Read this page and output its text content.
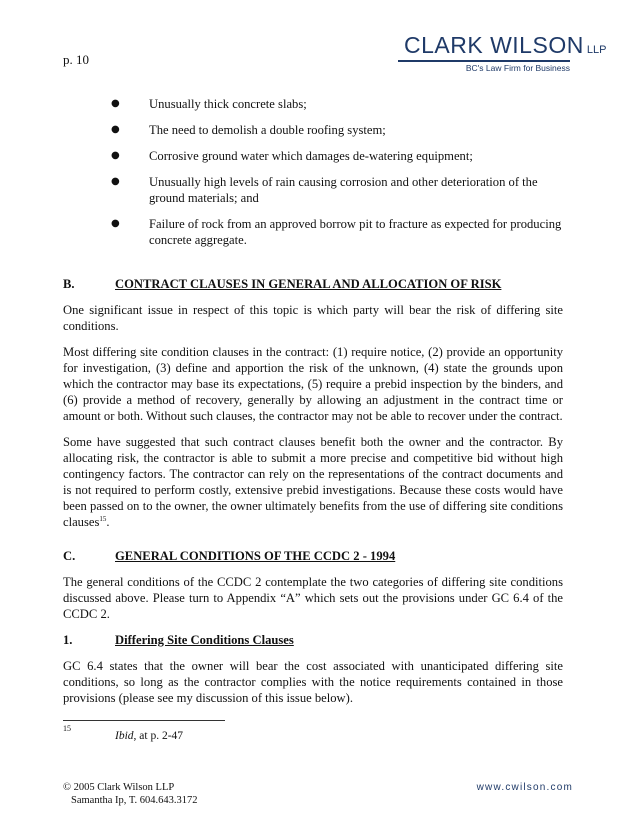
p. 10
CLARK WILSON LLP
BC's Law Firm for Business
● Unusually thick concrete slabs;
● The need to demolish a double roofing system;
● Corrosive ground water which damages de-watering equipment;
● Unusually high levels of rain causing corrosion and other deterioration of the ground materials; and
● Failure of rock from an approved borrow pit to fracture as expected for producing concrete aggregate.
B.	CONTRACT CLAUSES IN GENERAL AND ALLOCATION OF RISK

One significant issue in respect of this topic is which party will bear the risk of differing site conditions.

Most differing site condition clauses in the contract: (1) require notice, (2) provide an opportunity for investigation, (3) define and apportion the risk of the unknown, (4) state the grounds upon which the contractor may base its expectations, (5) require a prebid inspection by the binders, and (6) provide a method of recovery, generally by allowing an adjustment in the contract time or amount or both. Without such clauses, the contractor may not be able to recover under the contract.

Some have suggested that such contract clauses benefit both the owner and the contractor. By allocating risk, the contractor is able to submit a more precise and competitive bid without high contingency factors. The contractor can rely on the representations of the contract documents and is not required to perform costly, extensive prebid investigations. Because these costs would have been passed on to the owner, the owner ultimately benefits from the use of differing site conditions clauses$^{15}$.

C.	GENERAL CONDITIONS OF THE CCDC 2 - 1994

The general conditions of the CCDC 2 contemplate the two categories of differing site conditions discussed above. Please turn to Appendix “A” which sets out the provisions under GC 6.4 of the CCDC 2.

1.	Differing Site Conditions Clauses

GC 6.4 states that the owner will bear the cost associated with unanticipated differing site conditions, so long as the contractor complies with the notice requirements contained in those provisions (please see my discussion of this issue below).

15
Ibid, at p. 2-47
© 2005 Clark Wilson LLP
Samantha Ip, T. 604.643.3172
www.cwilson.com
